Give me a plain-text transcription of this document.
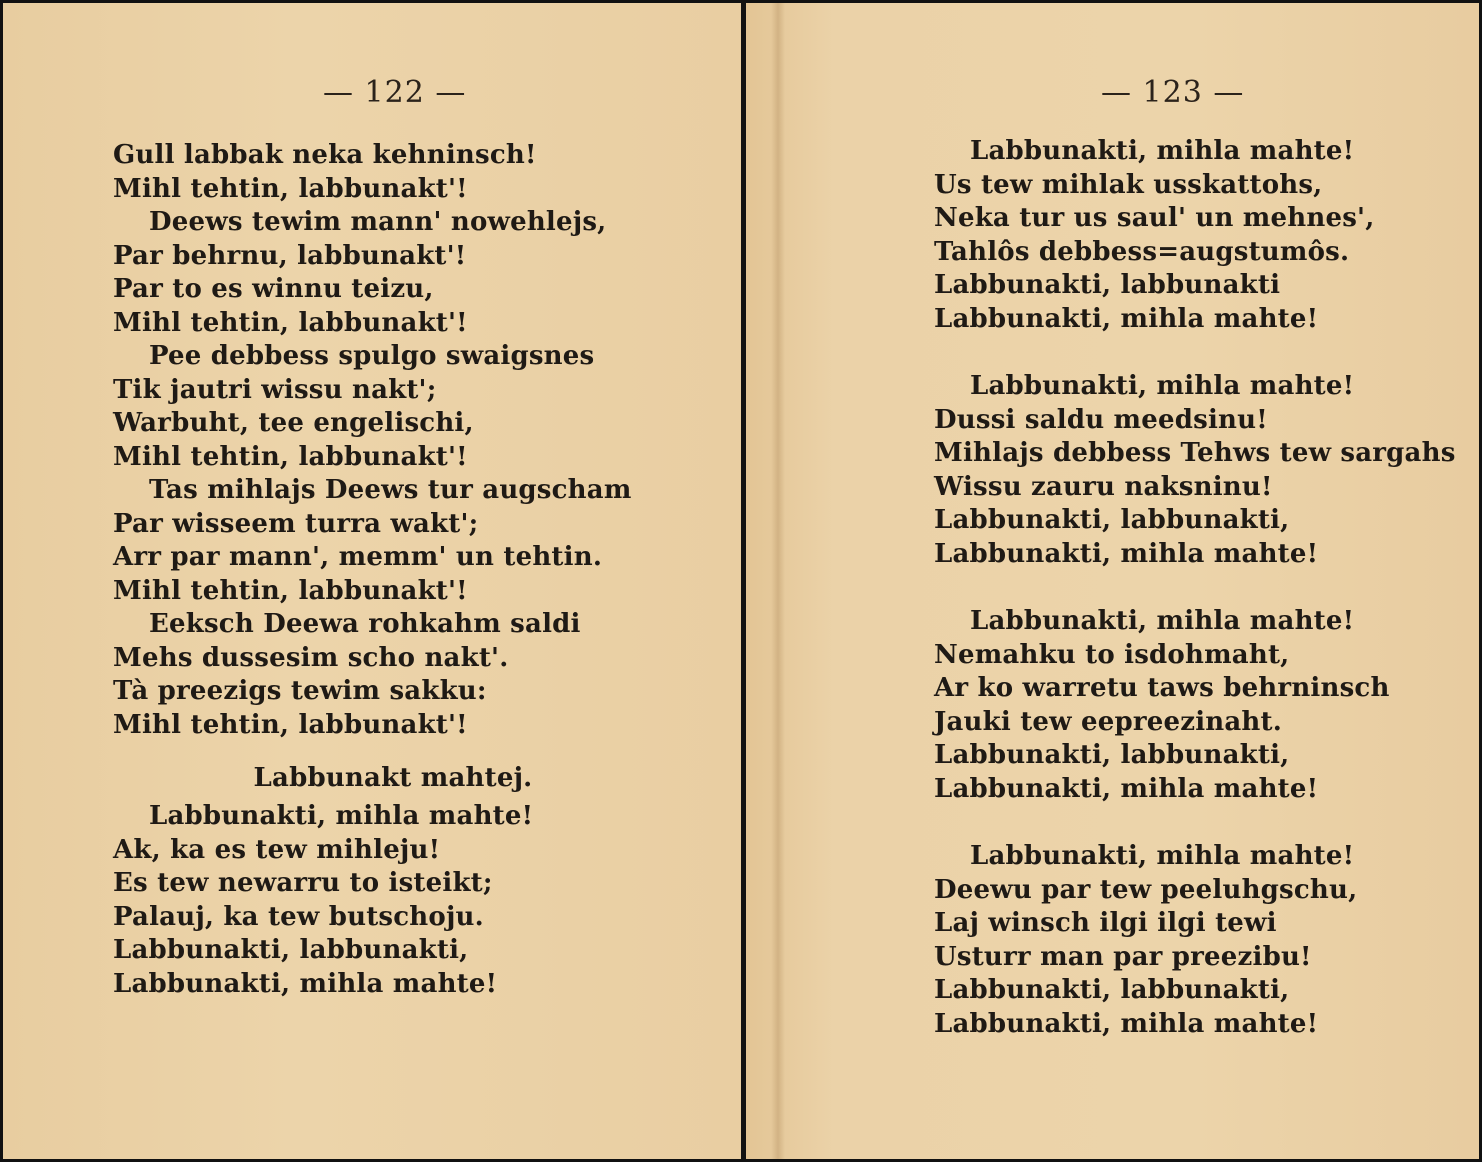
— 122 —
Gull labbak neka kehninsch!
Mihl tehtin, labbunakt'!
Deews tewim mann' nowehlejs,
Par behrnu, labbunakt'!
Par to es winnu teizu,
Mihl tehtin, labbunakt'!
Pee debbess spulgo swaigsnes
Tik jautri wissu nakt';
Warbuht, tee engelischi,
Mihl tehtin, labbunakt'!
Tas mihlajs Deews tur augscham
Par wisseem turra wakt';
Arr par mann', memm' un tehtin.
Mihl tehtin, labbunakt'!
Eeksch Deewa rohkahm saldi
Mehs dussesim scho nakt'.
Tà preezigs tewim sakku:
Mihl tehtin, labbunakt'!
Labbunakt mahtej.
Labbunakti, mihla mahte!
Ak, ka es tew mihleju!
Es tew newarru to isteikt;
Palauj, ka tew butschoju.
Labbunakti, labbunakti,
Labbunakti, mihla mahte!
— 123 —
Labbunakti, mihla mahte!
Us tew mihlak usskattohs,
Neka tur us saul' un mehnes',
Tahlôs debbess=augstumôs.
Labbunakti, labbunakti
Labbunakti, mihla mahte!
Labbunakti, mihla mahte!
Dussi saldu meedsinu!
Mihlajs debbess Tehws tew sargahs
Wissu zauru naksninu!
Labbunakti, labbunakti,
Labbunakti, mihla mahte!
Labbunakti, mihla mahte!
Nemahku to isdohmaht,
Ar ko warretu taws behrninsch
Jauki tew eepreezinaht.
Labbunakti, labbunakti,
Labbunakti, mihla mahte!
Labbunakti, mihla mahte!
Deewu par tew peeluhgschu,
Laj winsch ilgi ilgi tewi
Usturr man par preezibu!
Labbunakti, labbunakti,
Labbunakti, mihla mahte!
